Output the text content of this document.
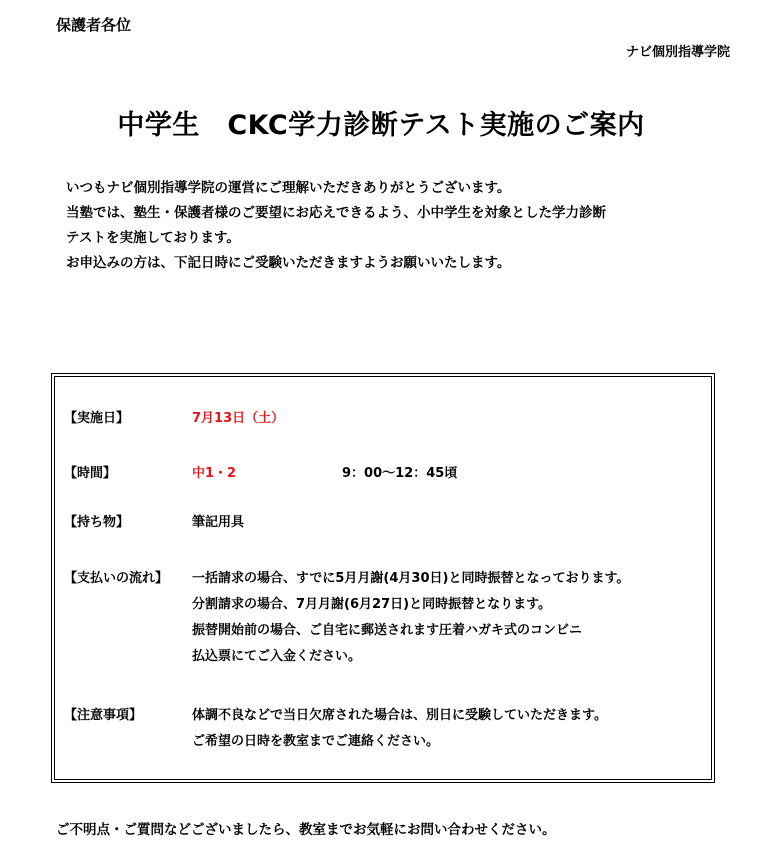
保護者各位
ナビ個別指導学院
中学生　CKC学力診断テスト実施のご案内
いつもナビ個別指導学院の運営にご理解いただきありがとうございます。
当塾では、塾生・保護者様のご要望にお応えできるよう、小中学生を対象とした学力診断
テストを実施しております。
お申込みの方は、下記日時にご受験いただきますようお願いいたします。
【実施日】	7月13日（土）
【時間】	中1・2	9：00～12：45頃
【持ち物】	筆記用具
【支払いの流れ】 一括請求の場合、すでに5月月謝(4月30日)と同時振替となっております。
分割請求の場合、7月月謝(6月27日)と同時振替となります。
振替開始前の場合、ご自宅に郵送されます圧着ハガキ式のコンビニ
払込票にてご入金ください。
【注意事項】	体調不良などで当日欠席された場合は、別日に受験していただきます。
ご希望の日時を教室までご連絡ください。
ご不明点・ご質問などございましたら、教室までお気軽にお問い合わせください。
